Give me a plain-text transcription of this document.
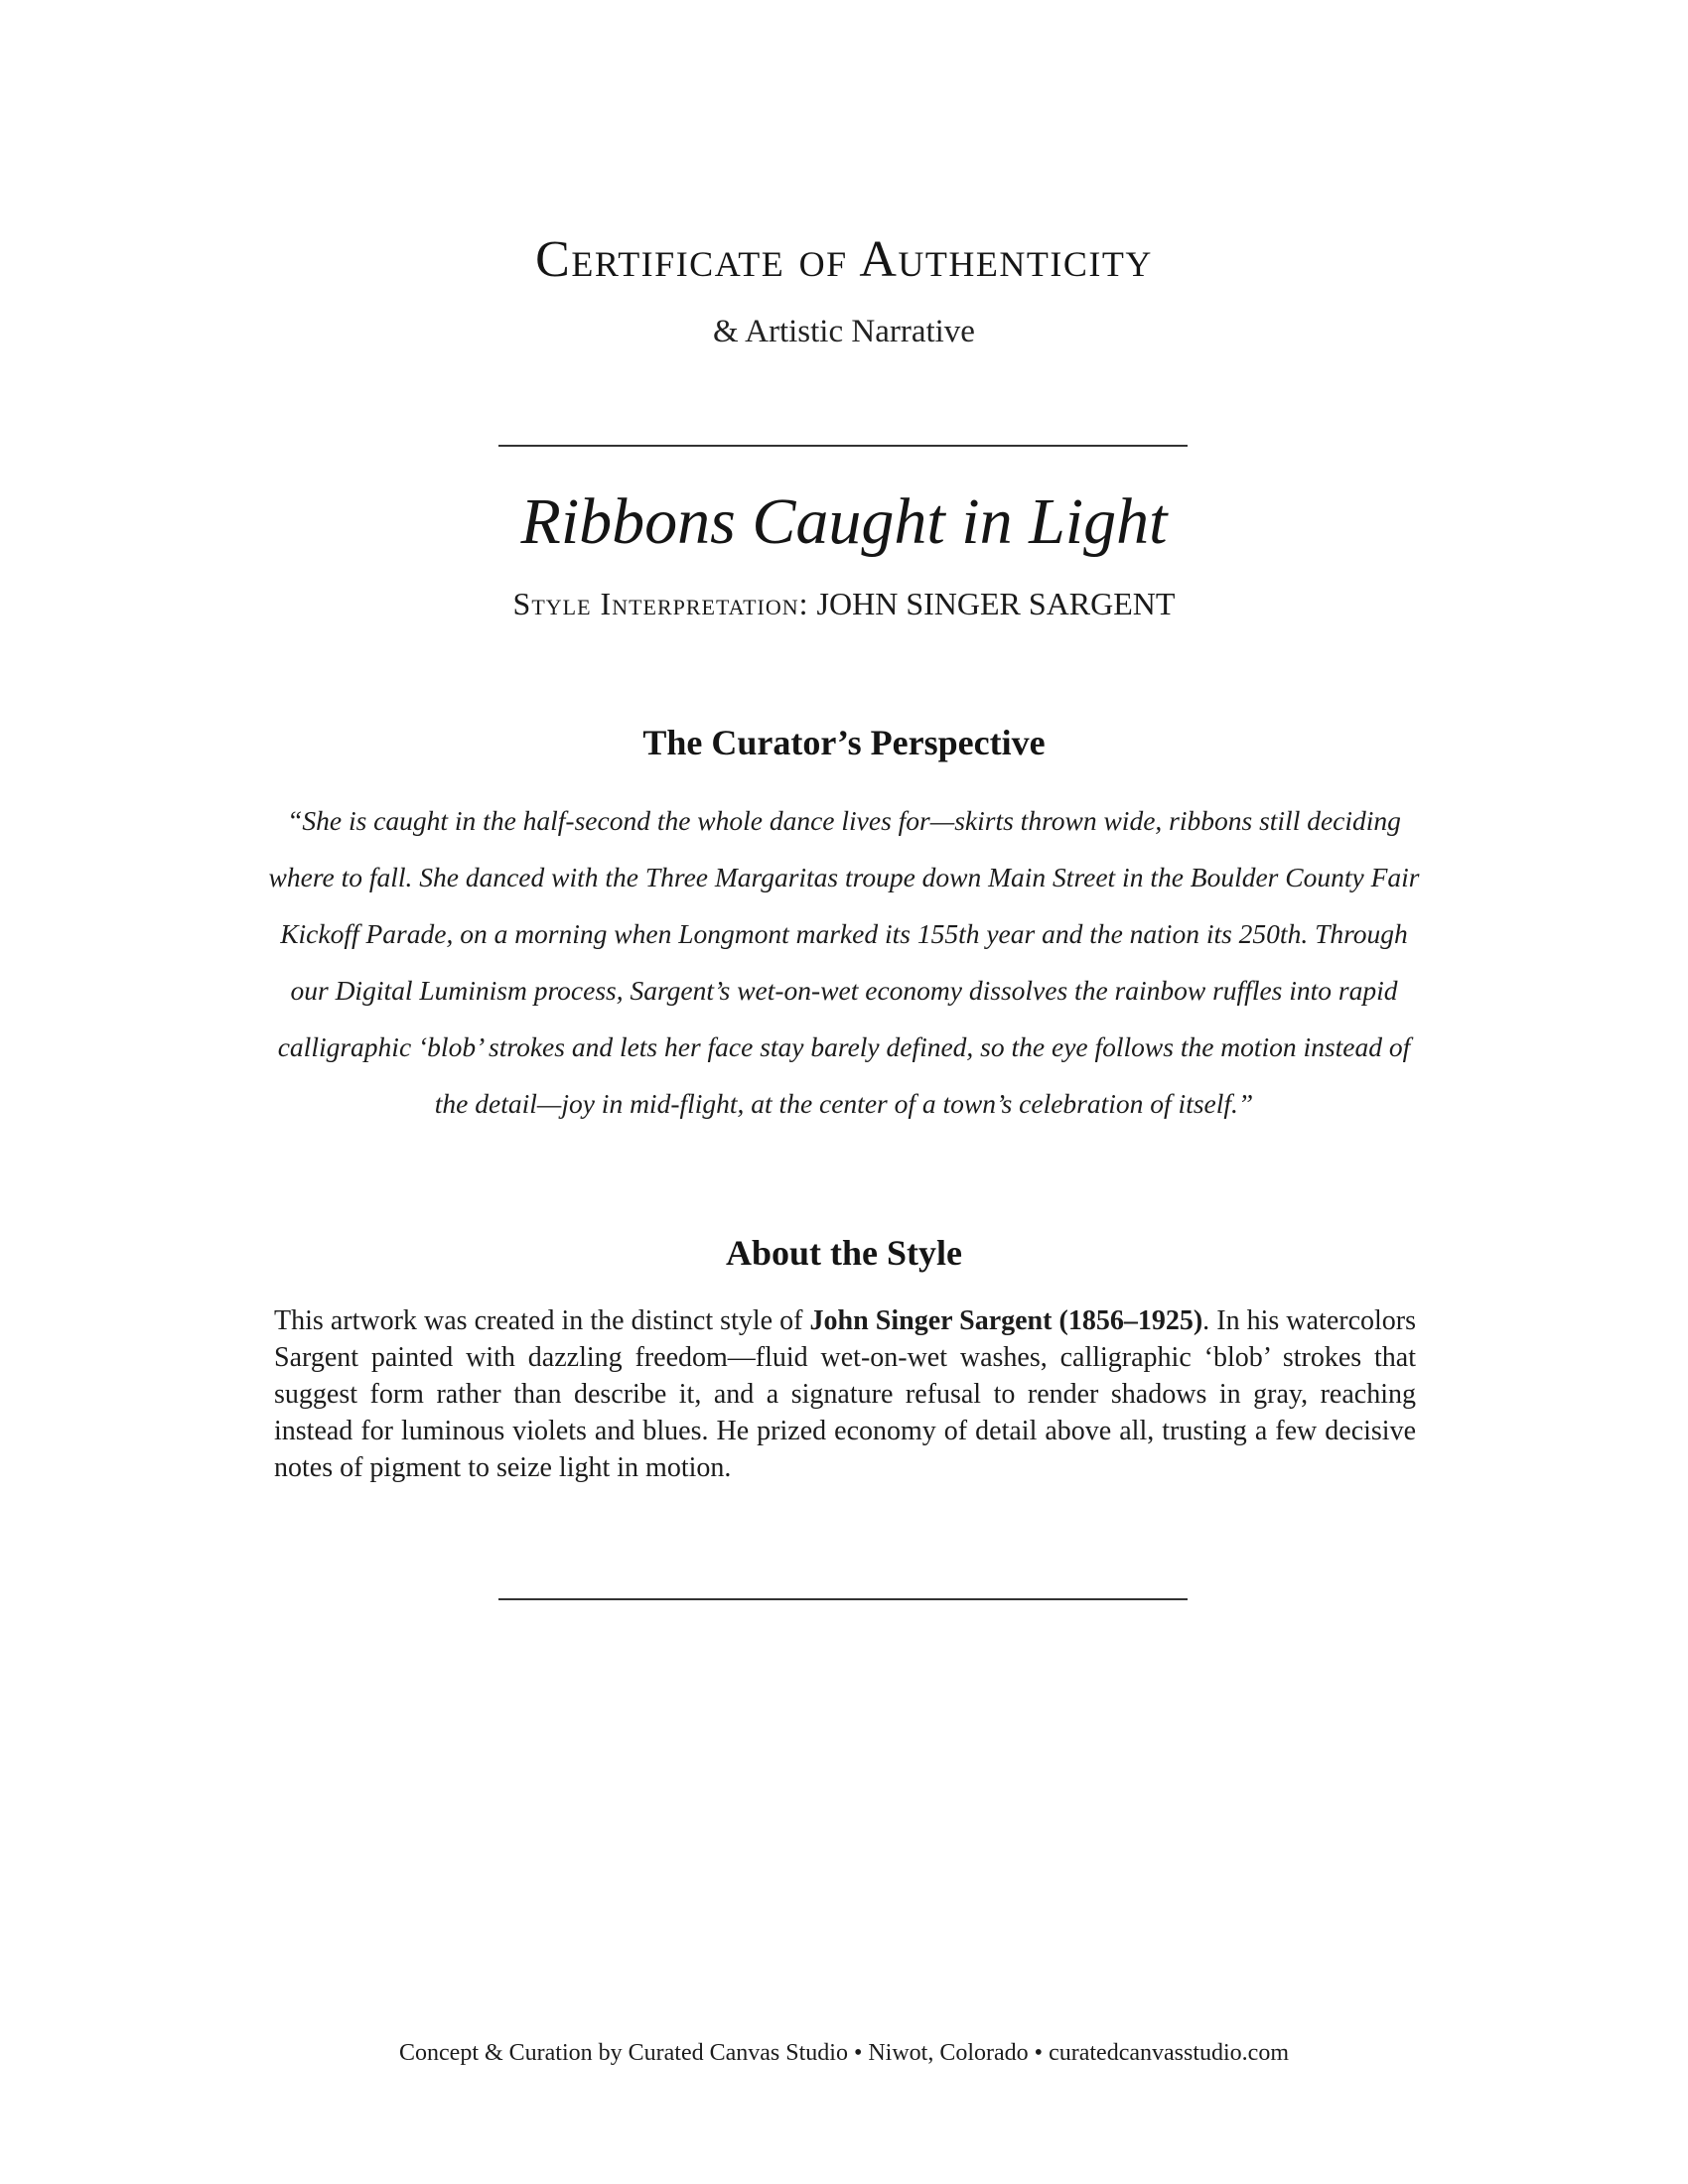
Certificate of Authenticity
& Artistic Narrative
Ribbons Caught in Light
Style Interpretation: JOHN SINGER SARGENT
The Curator’s Perspective

“She is caught in the half-second the whole dance lives for—skirts thrown wide, ribbons still deciding where to fall. She danced with the Three Margaritas troupe down Main Street in the Boulder County Fair Kickoff Parade, on a morning when Longmont marked its 155th year and the nation its 250th. Through our Digital Luminism process, Sargent’s wet-on-wet economy dissolves the rainbow ruffles into rapid calligraphic ‘blob’ strokes and lets her face stay barely defined, so the eye follows the motion instead of the detail—joy in mid-flight, at the center of a town’s celebration of itself.”

About the Style

This artwork was created in the distinct style of John Singer Sargent (1856–1925). In his watercolors Sargent painted with dazzling freedom—fluid wet-on-wet washes, calligraphic ‘blob’ strokes that suggest form rather than describe it, and a signature refusal to render shadows in gray, reaching instead for luminous violets and blues. He prized economy of detail above all, trusting a few decisive notes of pigment to seize light in motion.

Concept & Curation by Curated Canvas Studio • Niwot, Colorado • curatedcanvasstudio.com
